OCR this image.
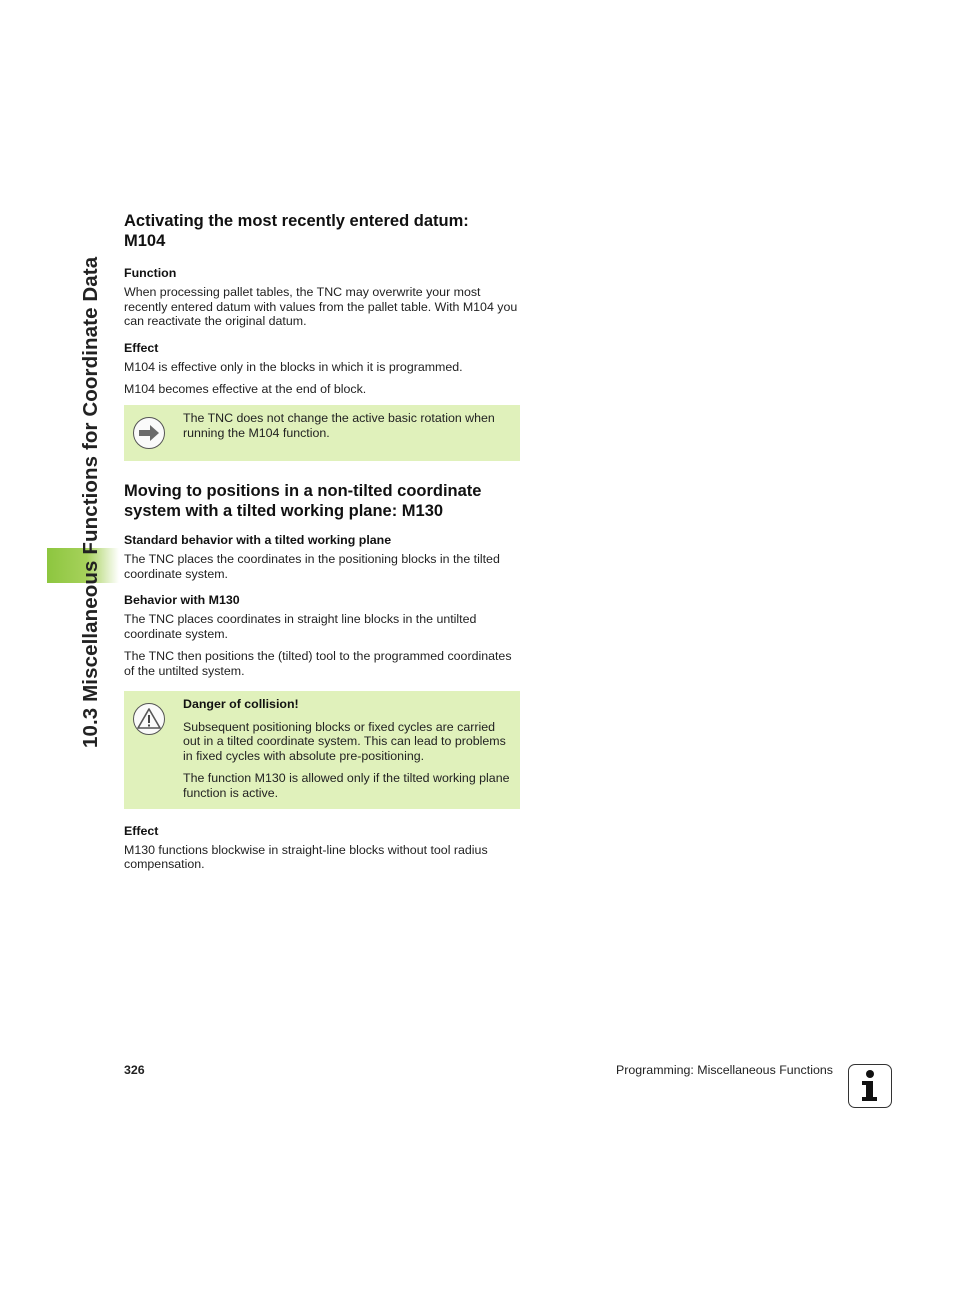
10.3 Miscellaneous Functions for Coordinate Data
Activating the most recently entered datum: M104
Function

When processing pallet tables, the TNC may overwrite your most recently entered datum with values from the pallet table. With M104 you can reactivate the original datum.

Effect

M104 is effective only in the blocks in which it is programmed.

M104 becomes effective at the end of block.

The TNC does not change the active basic rotation when running the M104 function.

Moving to positions in a non-tilted coordinate system with a tilted working plane: M130
Standard behavior with a tilted working plane

The TNC places the coordinates in the positioning blocks in the tilted coordinate system.

Behavior with M130

The TNC places coordinates in straight line blocks in the untilted coordinate system.

The TNC then positions the (tilted) tool to the programmed coordinates of the untilted system.

Danger of collision!

Subsequent positioning blocks or fixed cycles are carried out in a tilted coordinate system. This can lead to problems in fixed cycles with absolute pre-positioning.

The function M130 is allowed only if the tilted working plane function is active.

Effect

M130 functions blockwise in straight-line blocks without tool radius compensation.

326	Programming: Miscellaneous Functions
